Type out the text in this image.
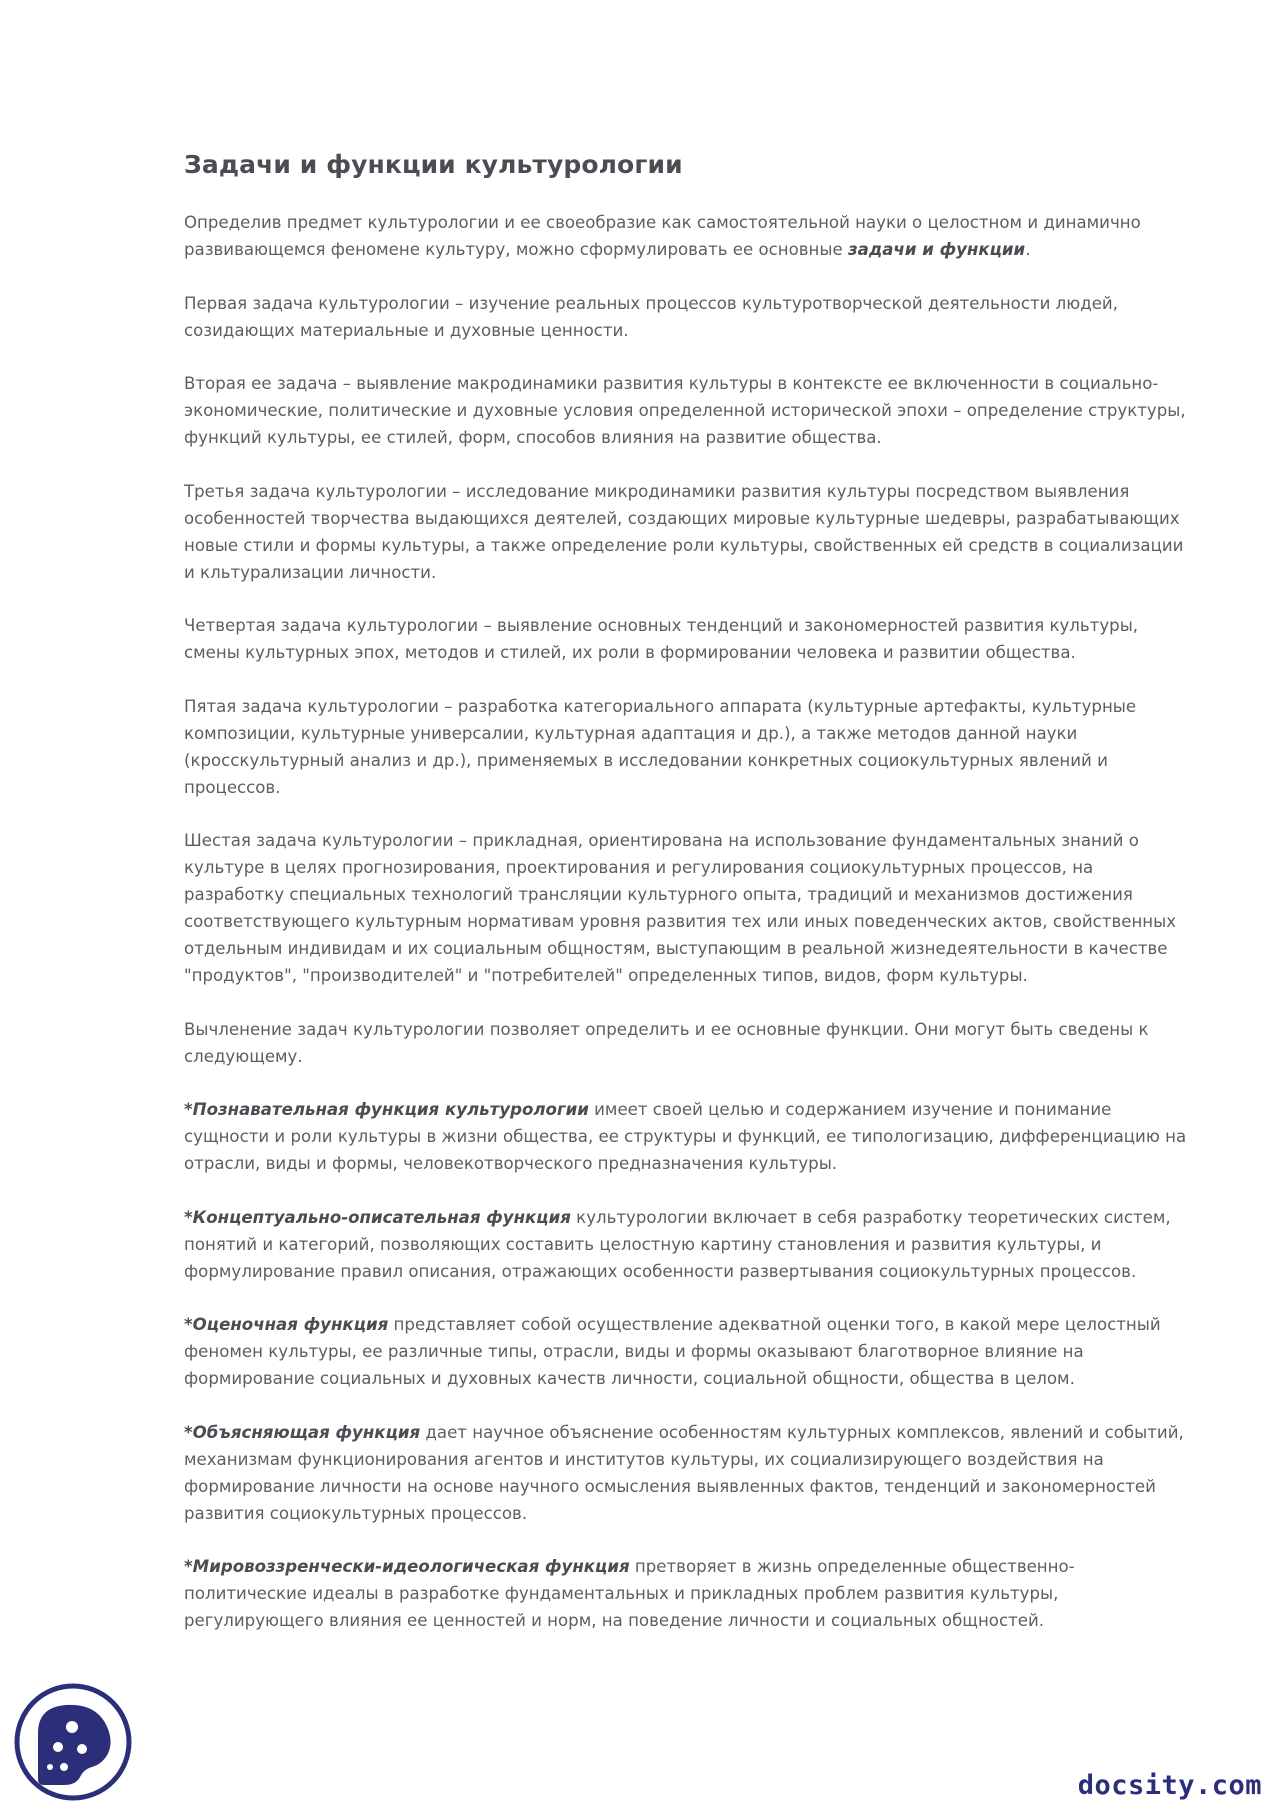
Задачи и функции культурологии

Определив предмет культурологии и ее своеобразие как самостоятельной науки о целостном и динамично развивающемся феномене культуру, можно сформулировать ее основные задачи и функции.

Первая задача культурологии – изучение реальных процессов культуротворческой деятельности людей, созидающих материальные и духовные ценности.

Вторая ее задача – выявление макродинамики развития культуры в контексте ее включенности в социально-экономические, политические и духовные условия определенной исторической эпохи – определение структуры, функций культуры, ее стилей, форм, способов влияния на развитие общества.

Третья задача культурологии – исследование микродинамики развития культуры посредством выявления особенностей творчества выдающихся деятелей, создающих мировые культурные шедевры, разрабатывающих новые стили и формы культуры, а также определение роли культуры, свойственных ей средств в социализации и кльтурализации личности.

Четвертая задача культурологии – выявление основных тенденций и закономерностей развития культуры, смены культурных эпох, методов и стилей, их роли в формировании человека и развитии общества.

Пятая задача культурологии – разработка категориального аппарата (культурные артефакты, культурные композиции, культурные универсалии, культурная адаптация и др.), а также методов данной науки (кросскультурный анализ и др.), применяемых в исследовании конкретных социокультурных явлений и процессов.

Шестая задача культурологии – прикладная, ориентирована на использование фундаментальных знаний о культуре в целях прогнозирования, проектирования и регулирования социокультурных процессов, на разработку специальных технологий трансляции культурного опыта, традиций и механизмов достижения соответствующего культурным нормативам уровня развития тех или иных поведенческих актов, свойственных отдельным индивидам и их социальным общностям, выступающим в реальной жизнедеятельности в качестве "продуктов", "производителей" и "потребителей" определенных типов, видов, форм культуры.

Вычленение задач культурологии позволяет определить и ее основные функции. Они могут быть сведены к следующему.

*Познавательная функция культурологии имеет своей целью и содержанием изучение и понимание сущности и роли культуры в жизни общества, ее структуры и функций, ее типологизацию, дифференциацию на отрасли, виды и формы, человекотворческого предназначения культуры.

*Концептуально-описательная функция культурологии включает в себя разработку теоретических систем, понятий и категорий, позволяющих составить целостную картину становления и развития культуры, и формулирование правил описания, отражающих особенности развертывания социокультурных процессов.

*Оценочная функция представляет собой осуществление адекватной оценки того, в какой мере целостный феномен культуры, ее различные типы, отрасли, виды и формы оказывают благотворное влияние на формирование социальных и духовных качеств личности, социальной общности, общества в целом.

*Объясняющая функция дает научное объяснение особенностям культурных комплексов, явлений и событий, механизмам функционирования агентов и институтов культуры, их социализирующего воздействия на формирование личности на основе научного осмысления выявленных фактов, тенденций и закономерностей развития социокультурных процессов.

*Мировоззренчески-идеологическая функция претворяет в жизнь определенные общественно-политические идеалы в разработке фундаментальных и прикладных проблем развития культуры, регулирующего влияния ее ценностей и норм, на поведение личности и социальных общностей.

docsity.com
